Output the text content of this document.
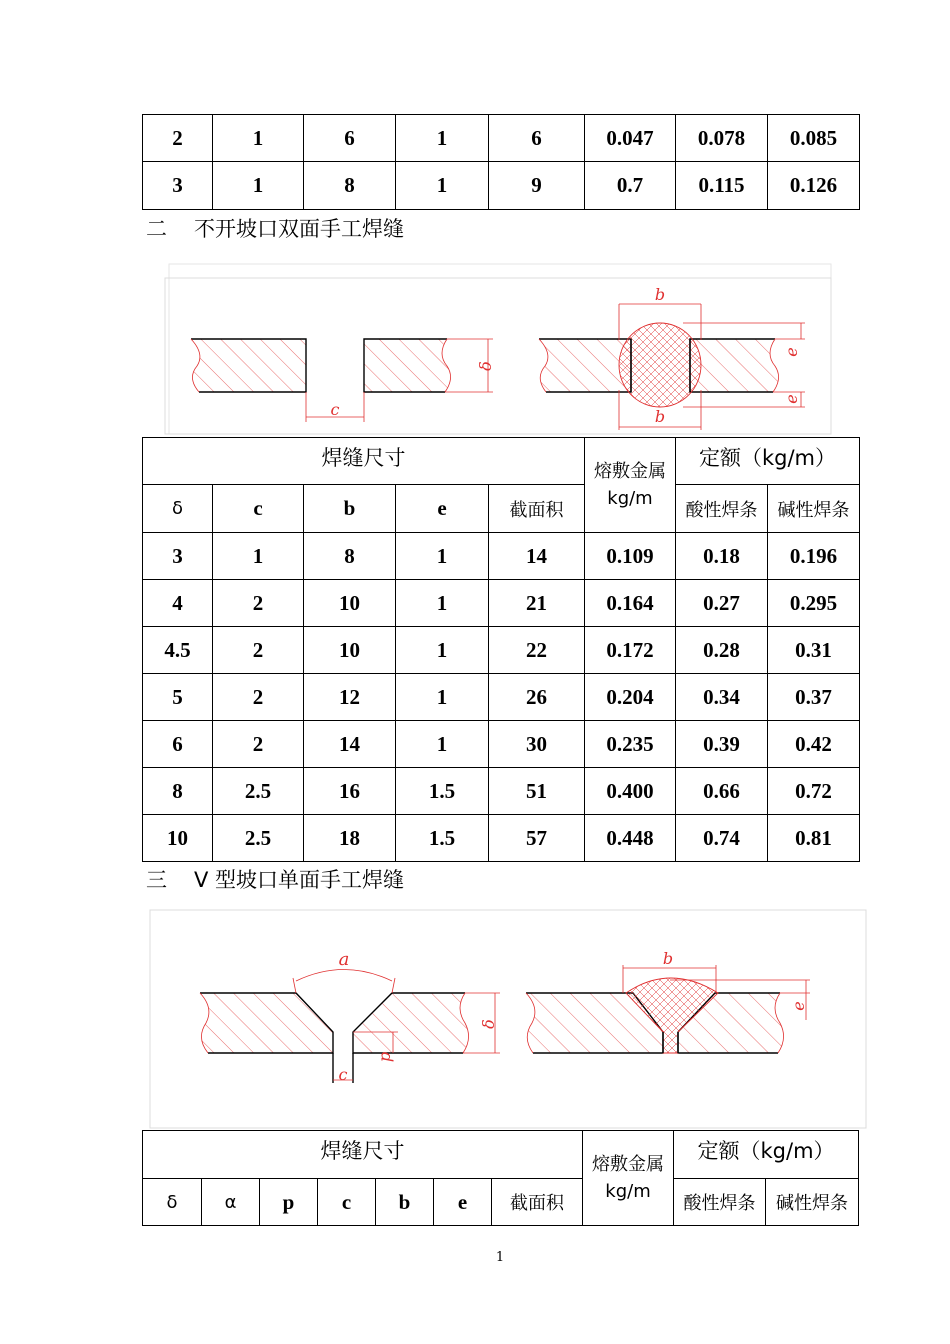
2	1	6	1	6	0.047	0.078	0.085
3	1	8	1	9	0.7	0.115	0.126
二 不开坡口双面手工焊缝
c
δ
b
b
e
e
焊缝尺寸					熔敷金属
kg/m	定额（kg/m）	
δ	c	b	e	截面积		酸性焊条	碱性焊条
3	1	8	1	14	0.109	0.18	0.196
4	2	10	1	21	0.164	0.27	0.295
4.5	2	10	1	22	0.172	0.28	0.31
5	2	12	1	26	0.204	0.34	0.37
6	2	14	1	30	0.235	0.39	0.42
8	2.5	16	1.5	51	0.400	0.66	0.72
10	2.5	18	1.5	57	0.448	0.74	0.81
三 V 型坡口单面手工焊缝
a
δ
p
c
b
e
焊缝尺寸							熔敷金属
kg/m	定额（kg/m）	
δ	α	p	c	b	e	截面积		酸性焊条	碱性焊条
1
